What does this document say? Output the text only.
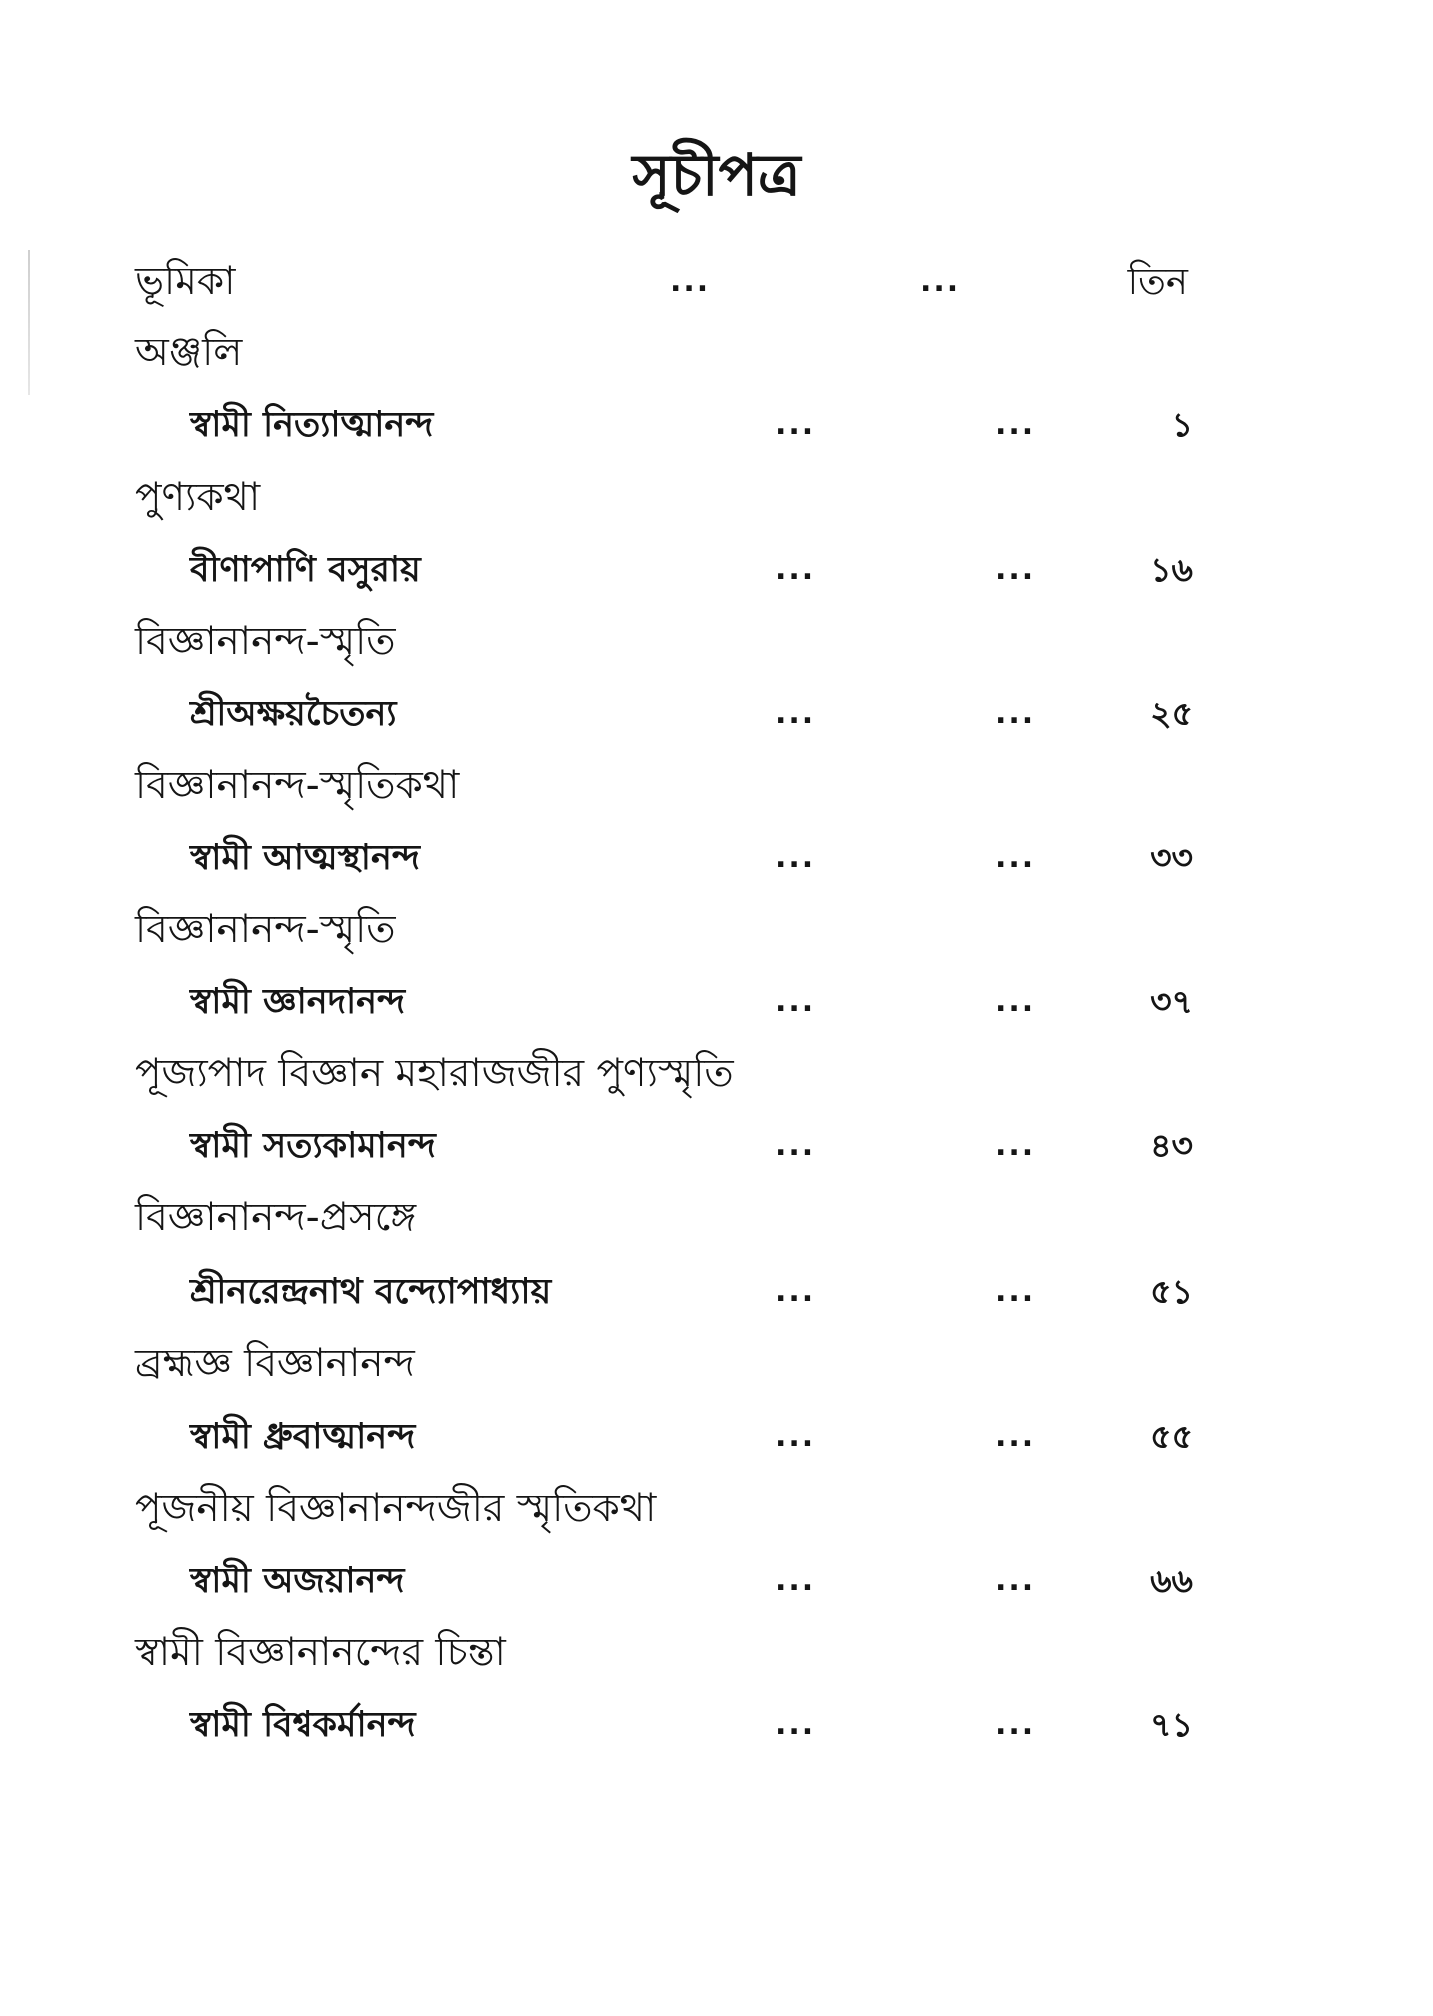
সূচীপত্র
ভূমিকা	...	...	তিন
অঞ্জলি
স্বামী নিত্যাত্মানন্দ	...	...	১
পুণ্যকথা
বীণাপাণি বসুরায়	...	...	১৬
বিজ্ঞানানন্দ-স্মৃতি
শ্রীঅক্ষয়চৈতন্য	...	...	২৫
বিজ্ঞানানন্দ-স্মৃতিকথা
স্বামী আত্মস্থানন্দ	...	...	৩৩
বিজ্ঞানানন্দ-স্মৃতি
স্বামী জ্ঞানদানন্দ	...	...	৩৭
পূজ্যপাদ বিজ্ঞান মহারাজজীর পুণ্যস্মৃতি
স্বামী সত্যকামানন্দ	...	...	৪৩
বিজ্ঞানানন্দ-প্রসঙ্গে
শ্রীনরেন্দ্রনাথ বন্দ্যোপাধ্যায়	...	...	৫১
ব্রহ্মজ্ঞ বিজ্ঞানানন্দ
স্বামী ধ্রুবাত্মানন্দ	...	...	৫৫
পূজনীয় বিজ্ঞানানন্দজীর স্মৃতিকথা
স্বামী অজয়ানন্দ	...	...	৬৬
স্বামী বিজ্ঞানানন্দের চিন্তা
স্বামী বিশ্বকর্মানন্দ	...	...	৭১
